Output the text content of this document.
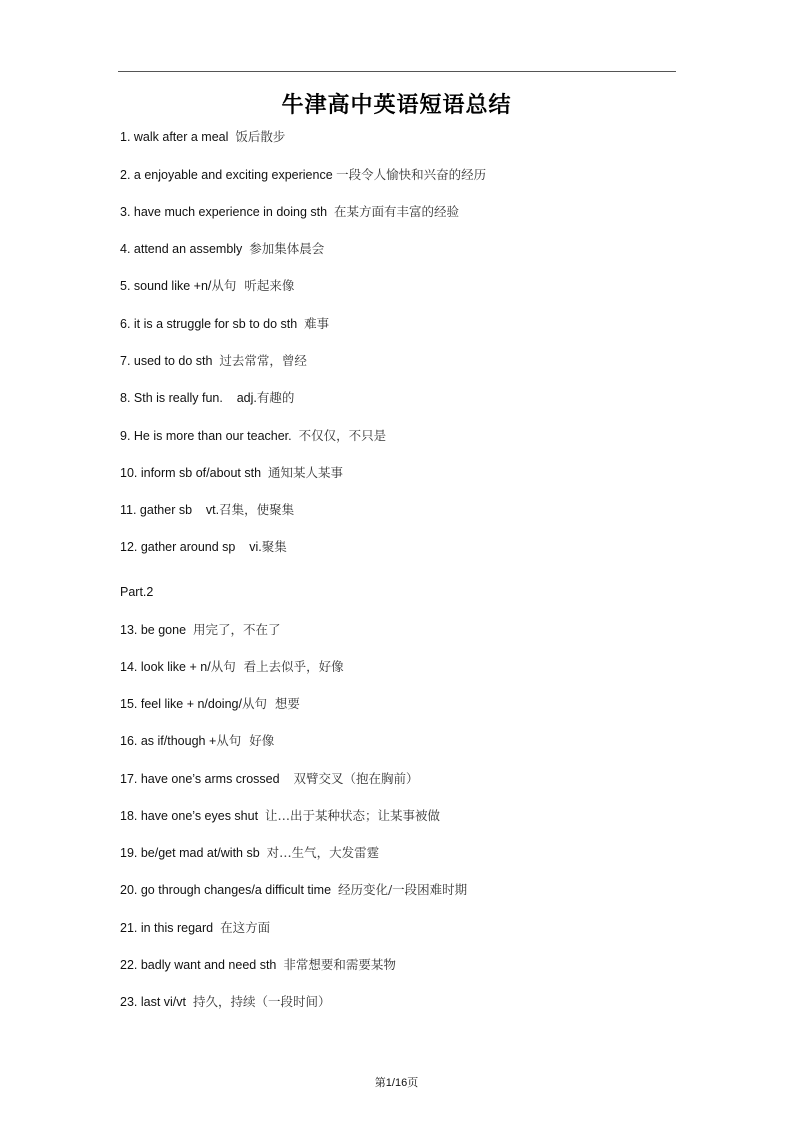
牛津高中英语短语总结
1. walk after a meal  饭后散步
2. a enjoyable and exciting experience 一段令人愉快和兴奋的经历
3. have much experience in doing sth  在某方面有丰富的经验
4. attend an assembly  参加集体晨会
5. sound like +n/从句  听起来像
6. it is a struggle for sb to do sth  难事
7. used to do sth  过去常常，曾经
8. Sth is really fun.    adj.有趣的
9. He is more than our teacher.  不仅仅，不只是
10. inform sb of/about sth  通知某人某事
11. gather sb    vt.召集，使聚集
12. gather around sp    vi.聚集
Part.2
13. be gone  用完了，不在了
14. look like + n/从句  看上去似乎，好像
15. feel like + n/doing/从句  想要
16. as if/though +从句  好像
17. have one’s arms crossed    双臂交叉（抱在胸前）
18. have one’s eyes shut  让…出于某种状态；让某事被做
19. be/get mad at/with sb  对…生气，大发雷霆
20. go through changes/a difficult time  经历变化/一段困难时期
21. in this regard  在这方面
22. badly want and need sth  非常想要和需要某物
23. last vi/vt  持久，持续（一段时间）
第1/16页
